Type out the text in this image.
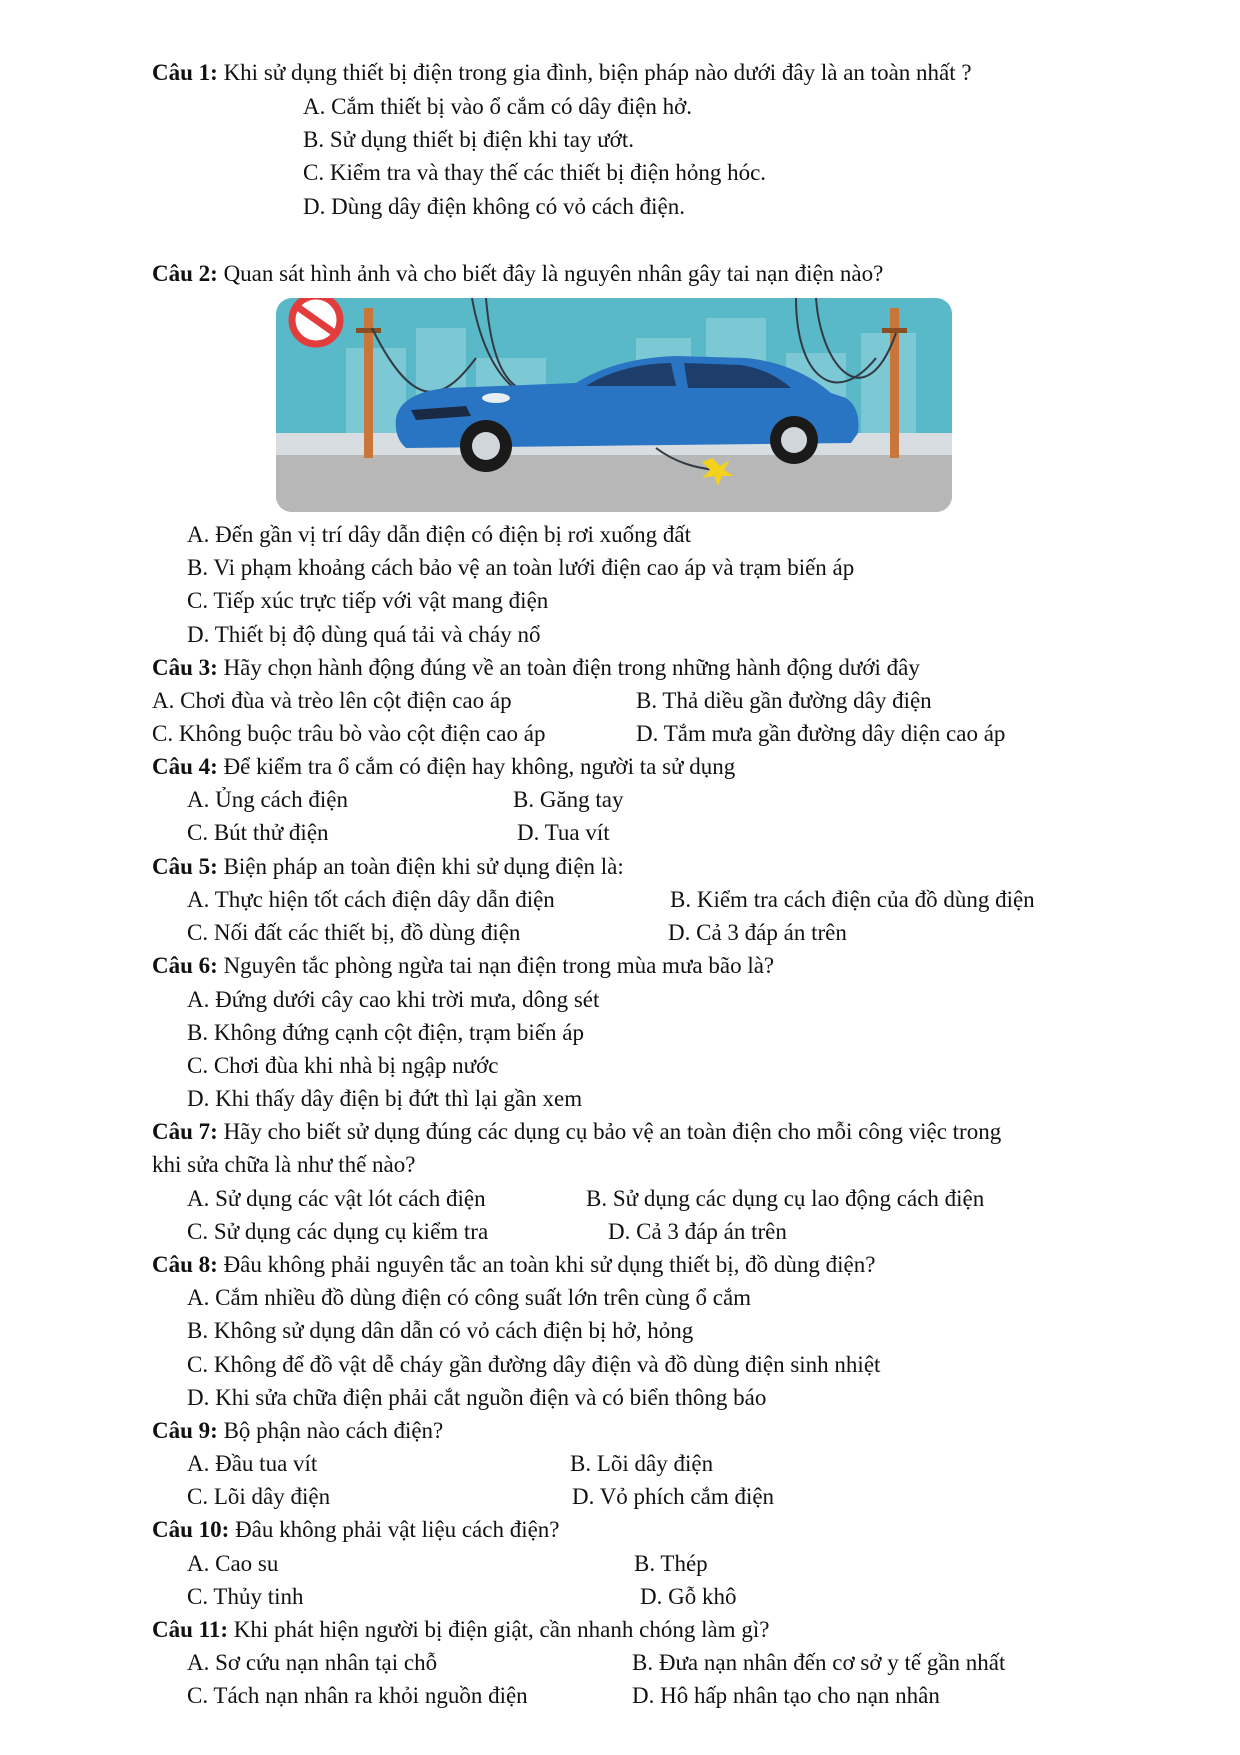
Câu 1: Khi sử dụng thiết bị điện trong gia đình, biện pháp nào dưới đây là an toàn nhất ?
A. Cắm thiết bị vào ổ cắm có dây điện hở.
B. Sử dụng thiết bị điện khi tay ướt.
C. Kiểm tra và thay thế các thiết bị điện hỏng hóc.
D. Dùng dây điện không có vỏ cách điện.
Câu 2: Quan sát hình ảnh và cho biết đây là nguyên nhân gây tai nạn điện nào?
A. Đến gần vị trí dây dẫn điện có điện bị rơi xuống đất
B. Vi phạm khoảng cách bảo vệ an toàn lưới điện cao áp và trạm biến áp
C. Tiếp xúc trực tiếp với vật mang điện
D. Thiết bị độ dùng quá tải và cháy nổ
Câu 3: Hãy chọn hành động đúng về an toàn điện trong những hành động dưới đây
A. Chơi đùa và trèo lên cột điện cao áp	B. Thả diều gần đường dây điện
C. Không buộc trâu bò vào cột điện cao áp	D. Tắm mưa gần đường dây diện cao áp
Câu 4: Để kiểm tra ổ cắm có điện hay không, người ta sử dụng
A. Ủng cách điện	B. Găng tay
C. Bút thử điện	D. Tua vít
Câu 5: Biện pháp an toàn điện khi sử dụng điện là:
A. Thực hiện tốt cách điện dây dẫn điện	B. Kiểm tra cách điện của đồ dùng điện
C. Nối đất các thiết bị, đồ dùng điện	D. Cả 3 đáp án trên
Câu 6: Nguyên tắc phòng ngừa tai nạn điện trong mùa mưa bão là?
A. Đứng dưới cây cao khi trời mưa, dông sét
B. Không đứng cạnh cột điện, trạm biến áp
C. Chơi đùa khi nhà bị ngập nước
D. Khi thấy dây điện bị đứt thì lại gần xem
Câu 7: Hãy cho biết sử dụng đúng các dụng cụ bảo vệ an toàn điện cho mỗi công việc trong
khi sửa chữa là như thế nào?
A. Sử dụng các vật lót cách điện	B. Sử dụng các dụng cụ lao động cách điện
C. Sử dụng các dụng cụ kiểm tra	D. Cả 3 đáp án trên
Câu 8: Đâu không phải nguyên tắc an toàn khi sử dụng thiết bị, đồ dùng điện?
A. Cắm nhiều đồ dùng điện có công suất lớn trên cùng ổ cắm
B. Không sử dụng dân dẫn có vỏ cách điện bị hở, hỏng
C. Không để đồ vật dễ cháy gần đường dây điện và đồ dùng điện sinh nhiệt
D. Khi sửa chữa điện phải cắt nguồn điện và có biển thông báo
Câu 9: Bộ phận nào cách điện?
A. Đầu tua vít	B. Lõi dây điện
C. Lõi dây điện	D. Vỏ phích cắm điện
Câu 10: Đâu không phải vật liệu cách điện?
A. Cao su	B. Thép
C. Thủy tinh	D. Gỗ khô
Câu 11: Khi phát hiện người bị điện giật, cần nhanh chóng làm gì?
A. Sơ cứu nạn nhân tại chỗ	B. Đưa nạn nhân đến cơ sở y tế gần nhất
C. Tách nạn nhân ra khỏi nguồn điện	D. Hô hấp nhân tạo cho nạn nhân
